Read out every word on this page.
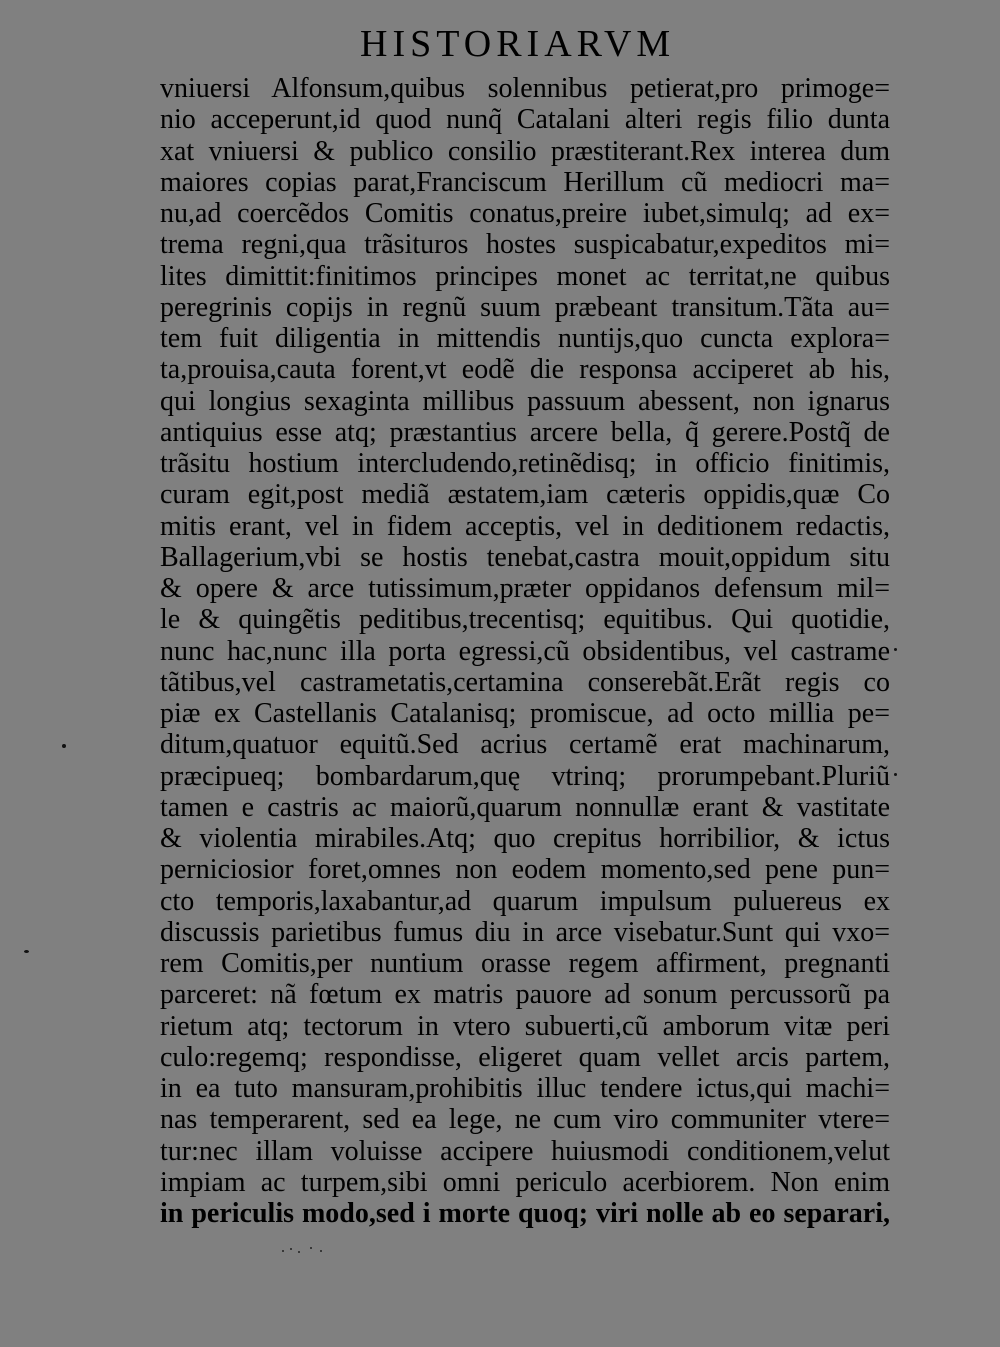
HISTORIARVM
vniuersi Alfonsum,quibus solennibus petierat,pro primoge=
nio acceperunt,id quod nunq̃ Catalani alteri regis filio dunta
xat vniuersi & publico consilio præstiterant.Rex interea dum
maiores copias parat,Franciscum Herillum cũ mediocri ma=
nu,ad coercẽdos Comitis conatus,preire iubet,simulq; ad ex=
trema regni,qua trãsituros hostes suspicabatur,expeditos mi=
lites dimittit:finitimos principes monet ac territat,ne quibus
peregrinis copijs in regnũ suum præbeant transitum.Tãta au=
tem fuit diligentia in mittendis nuntijs,quo cuncta explora=
ta,prouisa,cauta forent,vt eodẽ die responsa acciperet ab his,
qui longius sexaginta millibus passuum abessent, non ignarus
antiquius esse atq; præstantius arcere bella, q̃ gerere.Postq̃ de
trãsitu hostium intercludendo,retinẽdisq; in officio finitimis,
curam egit,post mediã æstatem,iam cæteris oppidis,quæ Co
mitis erant, vel in fidem acceptis, vel in deditionem redactis,
Ballagerium,vbi se hostis tenebat,castra mouit,oppidum situ
& opere & arce tutissimum,præter oppidanos defensum mil=
le & quingẽtis peditibus,trecentisq; equitibus. Qui quotidie,
nunc hac,nunc illa porta egressi,cũ obsidentibus, vel castrame
tãtibus,vel castrametatis,certamina conserebãt.Erãt regis co
piæ ex Castellanis Catalanisq; promiscue, ad octo millia pe=
ditum,quatuor equitũ.Sed acrius certamẽ erat machinarum,
præcipueq; bombardarum,quę vtrinq; prorumpebant.Pluriũ
tamen e castris ac maiorũ,quarum nonnullæ erant & vastitate
& violentia mirabiles.Atq; quo crepitus horribilior, & ictus
perniciosior foret,omnes non eodem momento,sed pene pun=
cto temporis,laxabantur,ad quarum impulsum puluereus ex
discussis parietibus fumus diu in arce visebatur.Sunt qui vxo=
rem Comitis,per nuntium orasse regem affirment, pregnanti
parceret: nã fœtum ex matris pauore ad sonum percussorũ pa
rietum atq; tectorum in vtero subuerti,cũ amborum vitæ peri
culo:regemq; respondisse, eligeret quam vellet arcis partem,
in ea tuto mansuram,prohibitis illuc tendere ictus,qui machi=
nas temperarent, sed ea lege, ne cum viro communiter vtere=
tur:nec illam voluisse accipere huiusmodi conditionem,velut
impiam ac turpem,sibi omni periculo acerbiorem. Non enim
in periculis modo,sed i morte quoq; viri nolle ab eo separari,
